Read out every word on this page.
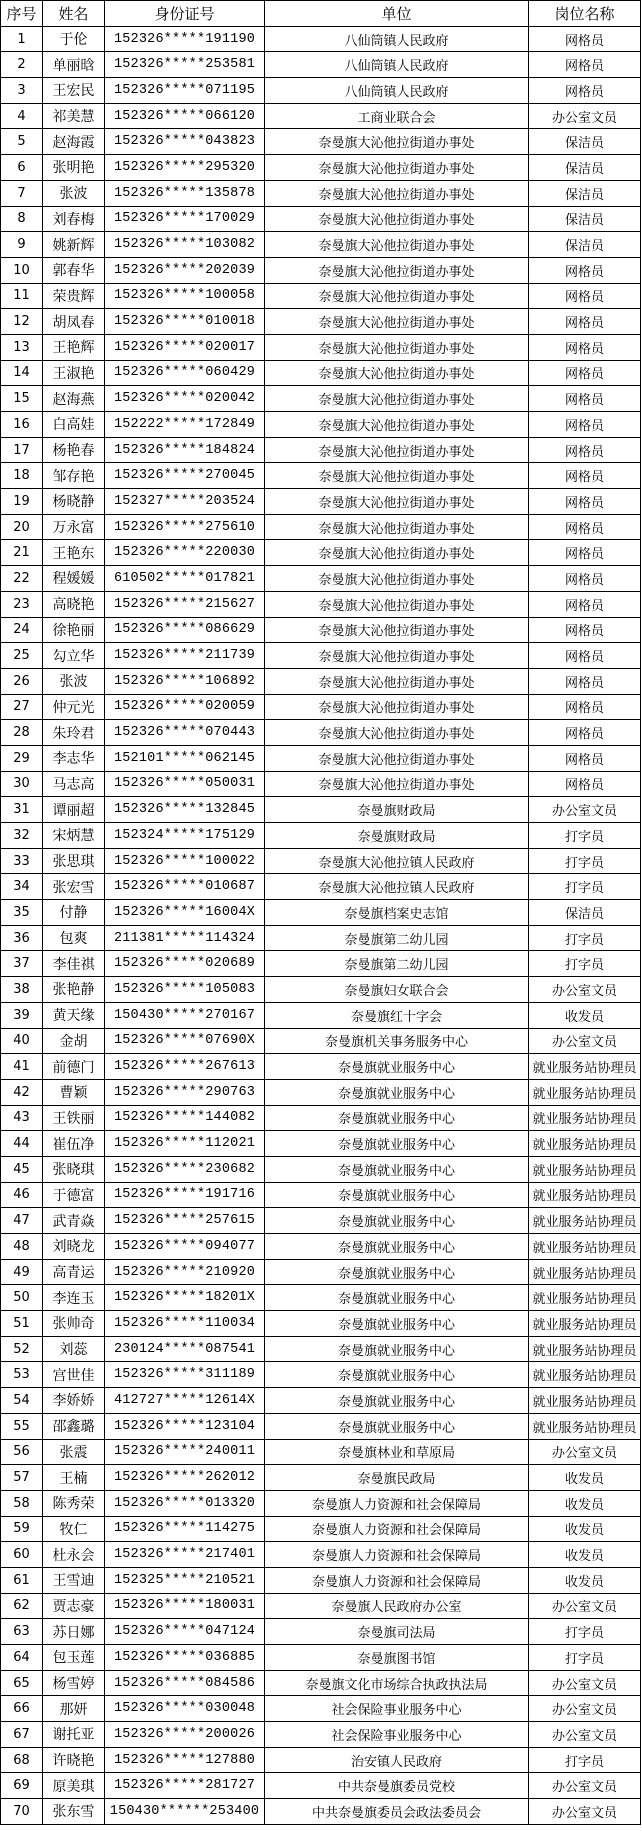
序号	姓名	身份证号	单位	岗位名称
1	于伦	152326*****191190	八仙筒镇人民政府	网格员
2	单丽晗	152326*****253581	八仙筒镇人民政府	网格员
3	王宏民	152326*****071195	八仙筒镇人民政府	网格员
4	祁美慧	152326*****066120	工商业联合会	办公室文员
5	赵海霞	152326*****043823	奈曼旗大沁他拉街道办事处	保洁员
6	张明艳	152326*****295320	奈曼旗大沁他拉街道办事处	保洁员
7	张波	152326*****135878	奈曼旗大沁他拉街道办事处	保洁员
8	刘春梅	152326*****170029	奈曼旗大沁他拉街道办事处	保洁员
9	姚新辉	152326*****103082	奈曼旗大沁他拉街道办事处	保洁员
10	郭春华	152326*****202039	奈曼旗大沁他拉街道办事处	网格员
11	荣贵辉	152326*****100058	奈曼旗大沁他拉街道办事处	网格员
12	胡凤春	152326*****010018	奈曼旗大沁他拉街道办事处	网格员
13	王艳辉	152326*****020017	奈曼旗大沁他拉街道办事处	网格员
14	王淑艳	152326*****060429	奈曼旗大沁他拉街道办事处	网格员
15	赵海燕	152326*****020042	奈曼旗大沁他拉街道办事处	网格员
16	白高娃	152222*****172849	奈曼旗大沁他拉街道办事处	网格员
17	杨艳春	152326*****184824	奈曼旗大沁他拉街道办事处	网格员
18	邹存艳	152326*****270045	奈曼旗大沁他拉街道办事处	网格员
19	杨晓静	152327*****203524	奈曼旗大沁他拉街道办事处	网格员
20	万永富	152326*****275610	奈曼旗大沁他拉街道办事处	网格员
21	王艳东	152326*****220030	奈曼旗大沁他拉街道办事处	网格员
22	程媛媛	610502*****017821	奈曼旗大沁他拉街道办事处	网格员
23	高晓艳	152326*****215627	奈曼旗大沁他拉街道办事处	网格员
24	徐艳丽	152326*****086629	奈曼旗大沁他拉街道办事处	网格员
25	勾立华	152326*****211739	奈曼旗大沁他拉街道办事处	网格员
26	张波	152326*****106892	奈曼旗大沁他拉街道办事处	网格员
27	仲元光	152326*****020059	奈曼旗大沁他拉街道办事处	网格员
28	朱玲君	152326*****070443	奈曼旗大沁他拉街道办事处	网格员
29	李志华	152101*****062145	奈曼旗大沁他拉街道办事处	网格员
30	马志高	152326*****050031	奈曼旗大沁他拉街道办事处	网格员
31	谭丽超	152326*****132845	奈曼旗财政局	办公室文员
32	宋炳慧	152324*****175129	奈曼旗财政局	打字员
33	张思琪	152326*****100022	奈曼旗大沁他拉镇人民政府	打字员
34	张宏雪	152326*****010687	奈曼旗大沁他拉镇人民政府	打字员
35	付静	152326*****16004X	奈曼旗档案史志馆	保洁员
36	包爽	211381*****114324	奈曼旗第二幼儿园	打字员
37	李佳祺	152326*****020689	奈曼旗第二幼儿园	打字员
38	张艳静	152326*****105083	奈曼旗妇女联合会	办公室文员
39	黄天缘	150430*****270167	奈曼旗红十字会	收发员
40	金胡	152326*****07690X	奈曼旗机关事务服务中心	办公室文员
41	前德门	152326*****267613	奈曼旗就业服务中心	就业服务站协理员
42	曹颖	152326*****290763	奈曼旗就业服务中心	就业服务站协理员
43	王铁丽	152326*****144082	奈曼旗就业服务中心	就业服务站协理员
44	崔伍净	152326*****112021	奈曼旗就业服务中心	就业服务站协理员
45	张晓琪	152326*****230682	奈曼旗就业服务中心	就业服务站协理员
46	于德富	152326*****191716	奈曼旗就业服务中心	就业服务站协理员
47	武青焱	152326*****257615	奈曼旗就业服务中心	就业服务站协理员
48	刘晓龙	152326*****094077	奈曼旗就业服务中心	就业服务站协理员
49	高青运	152326*****210920	奈曼旗就业服务中心	就业服务站协理员
50	李连玉	152326*****18201X	奈曼旗就业服务中心	就业服务站协理员
51	张帅奇	152326*****110034	奈曼旗就业服务中心	就业服务站协理员
52	刘蕊	230124*****087541	奈曼旗就业服务中心	就业服务站协理员
53	宫世佳	152326*****311189	奈曼旗就业服务中心	就业服务站协理员
54	李娇娇	412727*****12614X	奈曼旗就业服务中心	就业服务站协理员
55	邵鑫璐	152326*****123104	奈曼旗就业服务中心	就业服务站协理员
56	张震	152326*****240011	奈曼旗林业和草原局	办公室文员
57	王楠	152326*****262012	奈曼旗民政局	收发员
58	陈秀荣	152326*****013320	奈曼旗人力资源和社会保障局	收发员
59	牧仁	152326*****114275	奈曼旗人力资源和社会保障局	收发员
60	杜永会	152326*****217401	奈曼旗人力资源和社会保障局	收发员
61	王雪迪	152325*****210521	奈曼旗人力资源和社会保障局	收发员
62	贾志豪	152326*****180031	奈曼旗人民政府办公室	办公室文员
63	苏日娜	152326*****047124	奈曼旗司法局	打字员
64	包玉莲	152326*****036885	奈曼旗图书馆	打字员
65	杨雪婷	152326*****084586	奈曼旗文化市场综合执政执法局	办公室文员
66	那妍	152326*****030048	社会保险事业服务中心	办公室文员
67	谢托亚	152326*****200026	社会保险事业服务中心	办公室文员
68	许晓艳	152326*****127880	治安镇人民政府	打字员
69	原美琪	152326*****281727	中共奈曼旗委员党校	办公室文员
70	张东雪	150430******253400	中共奈曼旗委员会政法委员会	办公室文员
